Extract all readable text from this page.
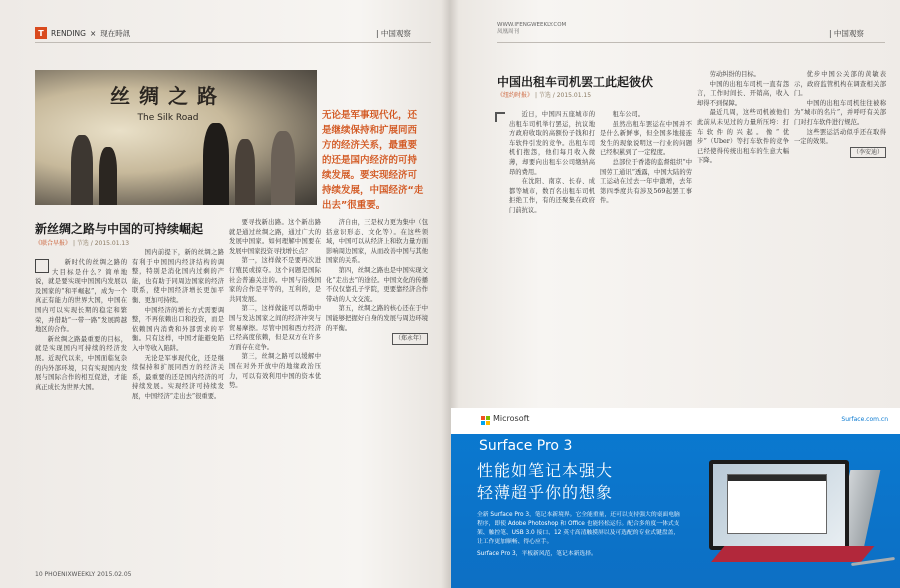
T RENDING × 现在時訊	| 中国观察
丝绸之路
The Silk Road	无论是军事现代化，还是继续保持和扩展同西方的经济关系，最重要的还是国内经济的可持续发展。要实现经济可持续发展，中国经济“走出去”很重要。
新丝绸之路与中国的可持续崛起
《联合早报》 | 节选 / 2015.01.13

新时代的丝绸之路的大目标是什么？简单地说，就是要实现中国国内发展以及国家的“和平崛起”，成为一个真正有能力的世界大国，中国在国内可以实现长期的稳定和繁荣，并借助“一带一路”发展跨越地区的合作。

新丝绸之路最重要的目标，就是实现国内可持续的经济发展。近现代以来，中国面临复杂的内外部环境，只有实现国内发展与国际合作的相互促进，才能真正成长为世界大国。

国内前提下，新的丝绸之路有利于中国国内经济结构的调整，特别是消化国内过剩的产能，也有助于同周边国家的经济联系，使中国经济增长更加平衡、更加可持续。

中国经济的增长方式需要调整，不再依赖出口和投资，而是依赖国内消费和外部需求的平衡。只有这样，中国才能避免陷入中等收入陷阱。

无论是军事现代化，还是继续保持和扩展同西方的经济关系，最重要的还是国内经济的可持续发展。实现经济可持续发展，中国经济“走出去”很重要。

要寻找新出路。这个新出路就是通过丝绸之路，通过广大的发展中国家。如何理解中国要在发展中国家投资寻找增长点？

第一，这样做不是要再次进行殖民或掠夺。这个问题是国际社会普遍关注的。中国与沿线国家的合作是平等的，互利的，是共同发展。

第二，这样做能可以帮助中国与发达国家之间的经济冲突与贸易摩擦。尽管中国和西方经济已经高度依赖，但是双方在许多方面存在竞争。

第三，丝绸之路可以缓解中国在对外开放中的地缘政治压力，可以有效利用中国的资本优势。

济自由，三是权力更为集中（包括意识形态、文化等）。在这些领域，中国可以从经济上和软力量方面影响周边国家，从而改善中国与其他国家的关系。

第四，丝绸之路也是中国实现文化“走出去”的途径。中国文化的传播不仅仅靠孔子学院，更要靠经济合作带动的人文交流。

第五，丝绸之路的核心还在于中国能够把握好自身的发展与周边环境的平衡。

（郑永年）

10 PHOENIXWEEKLY 2015.02.05
WWW.IFENGWEEKLY.COM
凤凰周刊	| 中国观察
中国出租车司机罢工此起彼伏
《纽约时报》 | 节选 / 2015.01.15

近日，中国四五座城市的出租车司机举行罢运，抗议地方政府收取的高额份子钱和打车软件引发的竞争。出租车司机们抱怨，他们每月收入微薄，却要向出租车公司缴纳高昂的费用。

在沈阳、南京、长春、成都等城市，数百名出租车司机拒绝工作，有的还聚集在政府门前抗议。

租车公司。

虽然出租车罢运在中国并不是什么新鲜事，但全国多地接连发生的现象说明这一行业的问题已经积累到了一定程度。

总部位于香港的监督组织“中国劳工通讯”透露，中国大陆的劳工运动在过去一年中激增，去年第四季度共有涉及569起罢工事件。

劳动纠纷的目标。

中国的出租车司机一直有怨言，工作时间长、开销高，收入却得不到保障。

最近几周，这些司机被他们此前从未见过的力量所压垮：打车软件的兴起。像“优步”（Uber）等打车软件的竞争已经使得传统出租车的生意大幅下降。

优步中国公关部的黄敏表示，政府监管机构在调查相关部门。

中国的出租车司机往往被称为“城市的名片”，并呼吁有关部门对打车软件进行规范。

这些罢运活动似乎还在取得一定的效果。

（李安迪）

Microsoft	Surface.com.cn
Surface Pro 3
性能如笔记本强大
轻薄超乎你的想象
全新 Surface Pro 3，笔记本新境界。它全能重量，还可以支持强大的桌面电脑程序，即使 Adobe Photoshop 和 Office 也能轻松运行。配合多角度一体式支架、触控笔、USB 3.0 接口、12 英寸高清触摸屏以及可选配的专业式键盘盖，让工作更加顺畅、得心应手。
Surface Pro 3，平板新风范，笔记本新选择。
